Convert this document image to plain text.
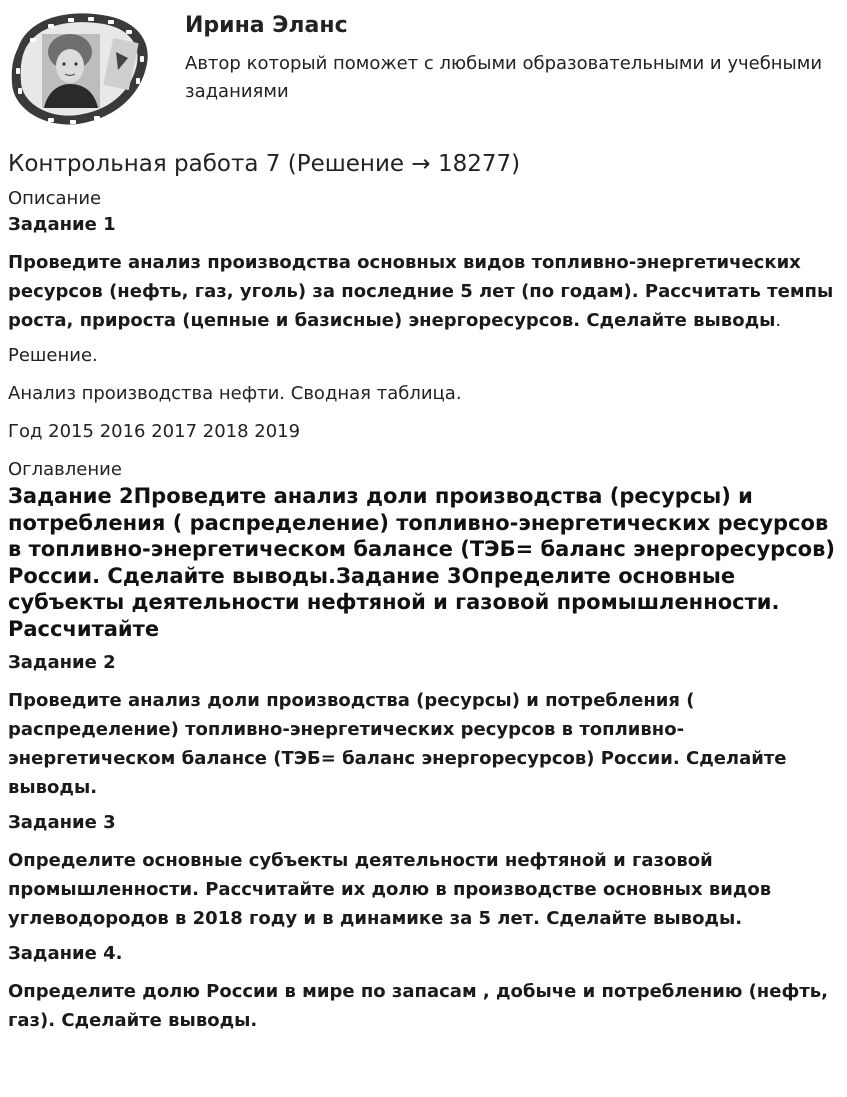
Ирина Эланс
Автор который поможет с любыми образовательными и учебными заданиями
Контрольная работа 7 (Решение → 18277)

Описание

Задание 1

Проведите анализ производства основных видов топливно-энергетических ресурсов (нефть, газ, уголь) за последние 5 лет (по годам). Рассчитать темпы роста, прироста (цепные и базисные) энергоресурсов. Сделайте выводы.

Решение.

Анализ производства нефти. Сводная таблица.

Год 2015 2016 2017 2018 2019

Оглавление

Задание 2Проведите анализ доли производства (ресурсы) и потребления ( распределение) топливно-энергетических ресурсов в топливно-энергетическом балансе (ТЭБ= баланс энергоресурсов) России. Сделайте выводы.Задание 3Определите основные субъекты деятельности нефтяной и газовой промышленности. Рассчитайте

Задание 2

Проведите анализ доли производства (ресурсы) и потребления ( распределение) топливно-энергетических ресурсов в топливно-энергетическом балансе (ТЭБ= баланс энергоресурсов) России. Сделайте выводы.

Задание 3

Определите основные субъекты деятельности нефтяной и газовой промышленности. Рассчитайте их долю в производстве основных видов углеводородов в 2018 году и в динамике за 5 лет. Сделайте выводы.

Задание 4.

Определите долю России в мире по запасам , добыче и потреблению (нефть, газ). Сделайте выводы.
